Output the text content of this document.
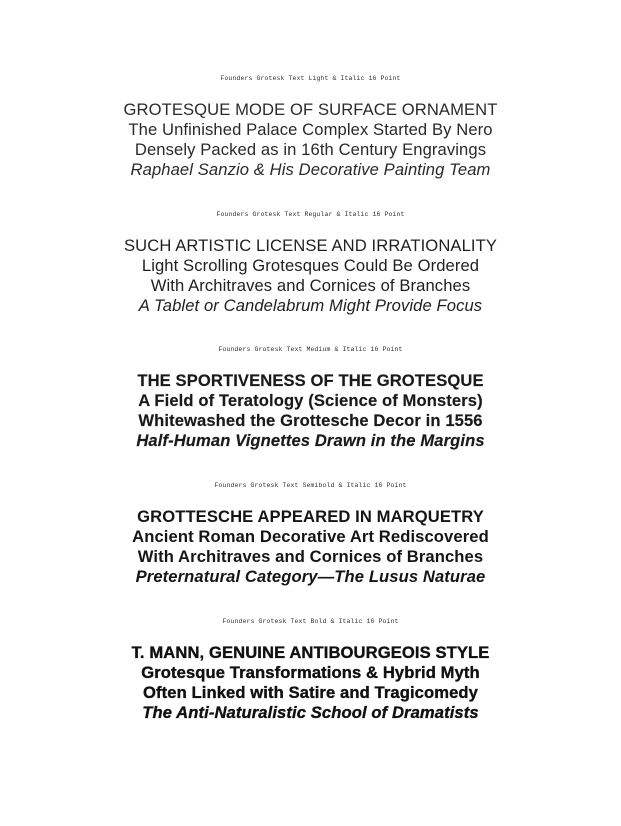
Founders Grotesk Text Light & Italic 16 Point

GROTESQUE MODE OF SURFACE ORNAMENT
The Unfinished Palace Complex Started By Nero
Densely Packed as in 16th Century Engravings
Raphael Sanzio & His Decorative Painting Team

Founders Grotesk Text Regular & Italic 16 Point

SUCH ARTISTIC LICENSE AND IRRATIONALITY
Light Scrolling Grotesques Could Be Ordered
With Architraves and Cornices of Branches
A Tablet or Candelabrum Might Provide Focus

Founders Grotesk Text Medium & Italic 16 Point

THE SPORTIVENESS OF THE GROTESQUE
A Field of Teratology (Science of Monsters)
Whitewashed the Grottesche Decor in 1556
Half-Human Vignettes Drawn in the Margins

Founders Grotesk Text Semibold & Italic 16 Point

GROTTESCHE APPEARED IN MARQUETRY
Ancient Roman Decorative Art Rediscovered
With Architraves and Cornices of Branches
Preternatural Category—The Lusus Naturae

Founders Grotesk Text Bold & Italic 16 Point

T. MANN, GENUINE ANTIBOURGEOIS STYLE
Grotesque Transformations & Hybrid Myth
Often Linked with Satire and Tragicomedy
The Anti-Naturalistic School of Dramatists
